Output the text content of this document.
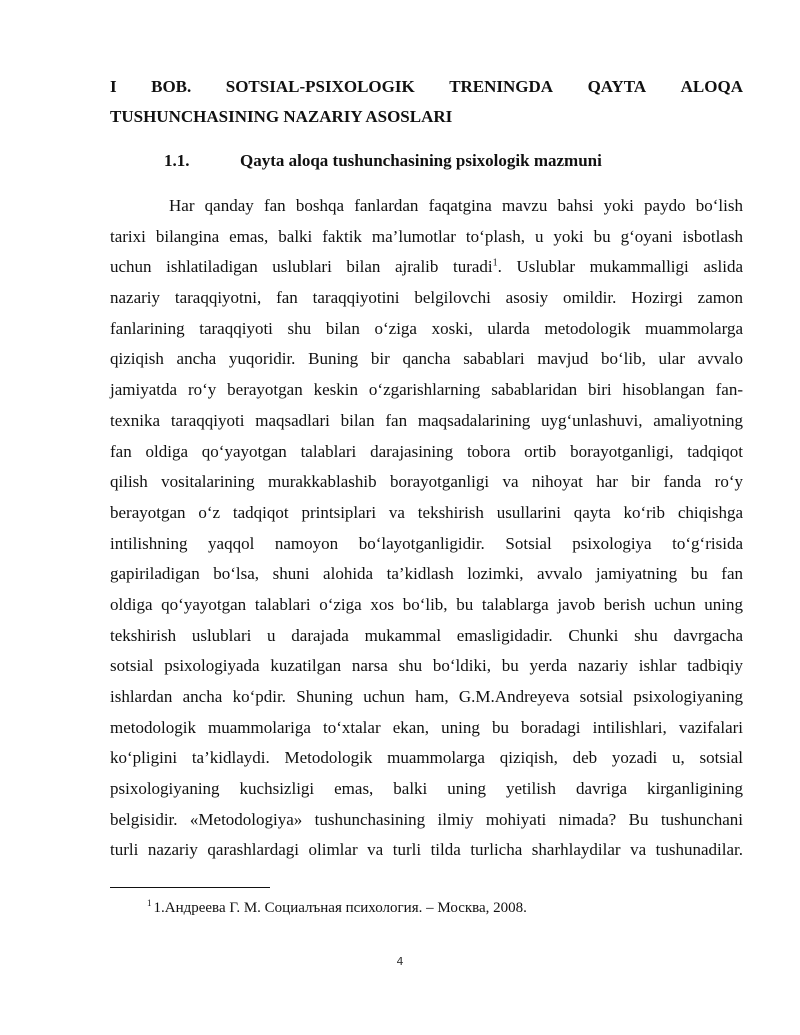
I BOB. SOTSIAL-PSIXOLOGIK TRENINGDA QAYTA ALOQA
TUSHUNCHASINING NAZARIY ASOSLARI
1.1.	Qayta aloqa tushunchasining psixologik mazmuni
Har qanday fan boshqa fanlardan faqatgina mavzu bahsi yoki paydo bo‘lish
tarixi bilangina emas, balki faktik ma’lumotlar to‘plash, u yoki bu g‘oyani isbotlash
uchun ishlatiladigan uslublari bilan ajralib turadi$^1$. Uslublar mukammalligi aslida
nazariy taraqqiyotni, fan taraqqiyotini belgilovchi asosiy omildir. Hozirgi zamon
fanlarining taraqqiyoti shu bilan o‘ziga xoski, ularda metodologik muammolarga
qiziqish ancha yuqoridir. Buning bir qancha sabablari mavjud bo‘lib, ular avvalo
jamiyatda ro‘y berayotgan keskin o‘zgarishlarning sabablaridan biri hisoblangan fan-
texnika taraqqiyoti maqsadlari bilan fan maqsadalarining uyg‘unlashuvi, amaliyotning
fan oldiga qo‘yayotgan talablari darajasining tobora ortib borayotganligi, tadqiqot
qilish vositalarining murakkablashib borayotganligi va nihoyat har bir fanda ro‘y
berayotgan o‘z tadqiqot printsiplari va tekshirish usullarini qayta ko‘rib chiqishga
intilishning yaqqol namoyon bo‘layotganligidir. Sotsial psixologiya to‘g‘risida
gapiriladigan bo‘lsa, shuni alohida ta’kidlash lozimki, avvalo jamiyatning bu fan
oldiga qo‘yayotgan talablari o‘ziga xos bo‘lib, bu talablarga javob berish uchun uning
tekshirish uslublari u darajada mukammal emasligidadir. Chunki shu davrgacha
sotsial psixologiyada kuzatilgan narsa shu bo‘ldiki, bu yerda nazariy ishlar tadbiqiy
ishlardan ancha ko‘pdir. Shuning uchun ham, G.M.Andreyeva sotsial psixologiyaning
metodologik muammolariga to‘xtalar ekan, uning bu boradagi intilishlari, vazifalari
ko‘pligini ta’kidlaydi. Metodologik muammolarga qiziqish, deb yozadi u, sotsial
psixologiyaning kuchsizligi emas, balki uning yetilish davriga kirganligining
belgisidir. «Metodologiya» tushunchasining ilmiy mohiyati nimada? Bu tushunchani
turli nazariy qarashlardagi olimlar va turli tilda turlicha sharhlaydilar va tushunadilar.
$^1$ 1.Андреева Г. М. Социалъная психология. – Москва, 2008.
4
